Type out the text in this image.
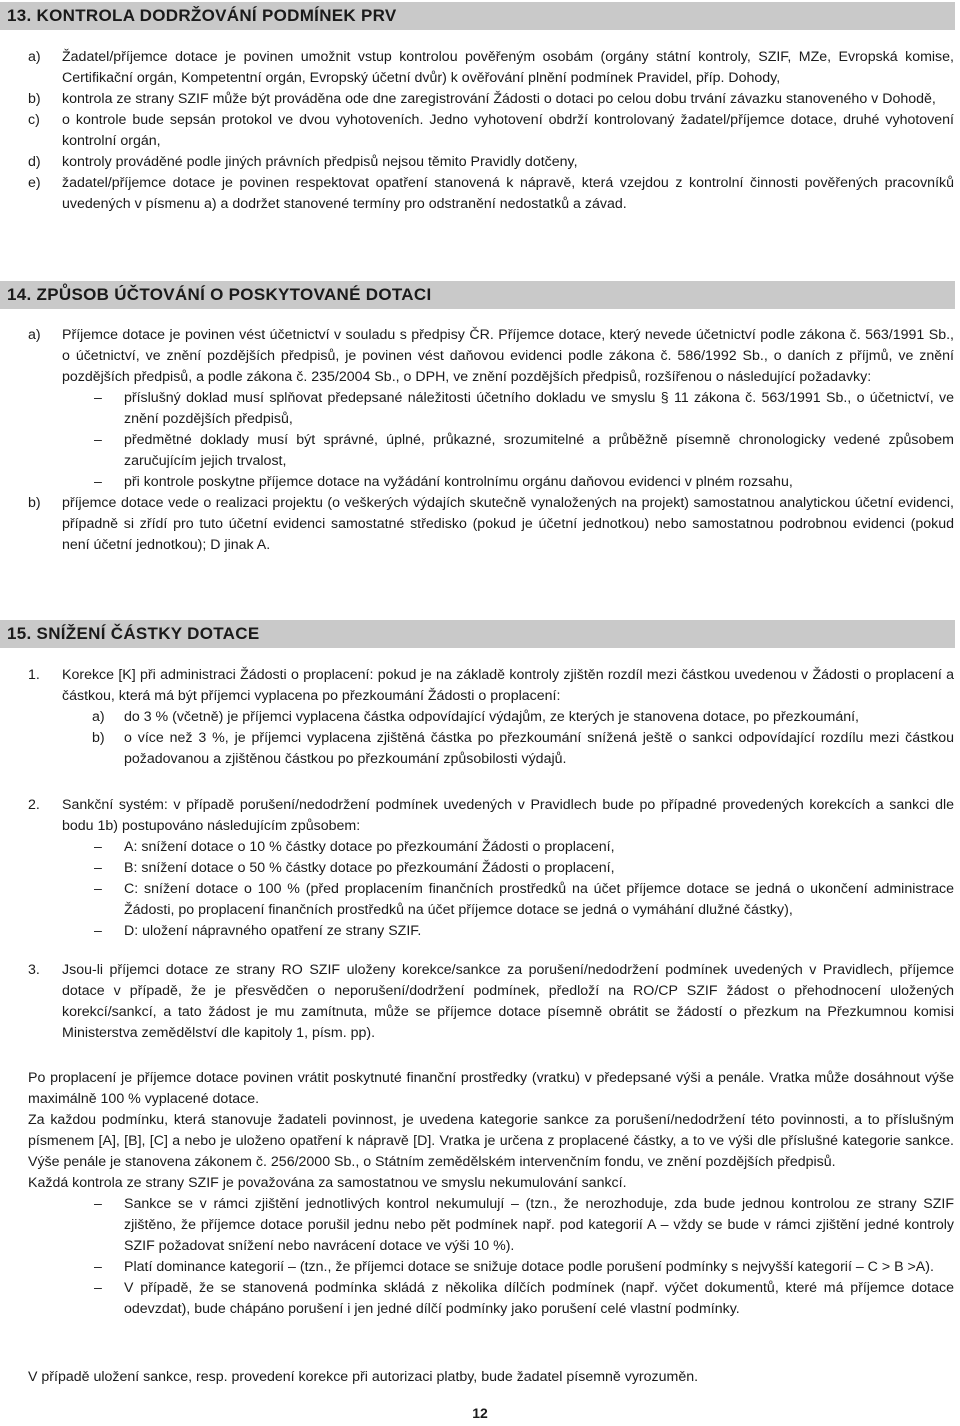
13. KONTROLA DODRŽOVÁNÍ PODMÍNEK PRV
a) Žadatel/příjemce dotace je povinen umožnit vstup kontrolou pověřeným osobám (orgány státní kontroly, SZIF, MZe, Evropská komise, Certifikační orgán, Kompetentní orgán, Evropský účetní dvůr) k ověřování plnění podmínek Pravidel, příp. Dohody,

b) kontrola ze strany SZIF může být prováděna ode dne zaregistrování Žádosti o dotaci po celou dobu trvání závazku stanoveného v Dohodě,

c) o kontrole bude sepsán protokol ve dvou vyhotoveních. Jedno vyhotovení obdrží kontrolovaný žadatel/příjemce dotace, druhé vyhotovení kontrolní orgán,

d) kontroly prováděné podle jiných právních předpisů nejsou těmito Pravidly dotčeny,

e) žadatel/příjemce dotace je povinen respektovat opatření stanovená k nápravě, která vzejdou z kontrolní činnosti pověřených pracovníků uvedených v písmenu a) a dodržet stanovené termíny pro odstranění nedostatků a závad.

14. ZPŮSOB ÚČTOVÁNÍ O POSKYTOVANÉ DOTACI
a) Příjemce dotace je povinen vést účetnictví v souladu s předpisy ČR. Příjemce dotace, který nevede účetnictví podle zákona č. 563/1991 Sb., o účetnictví, ve znění pozdějších předpisů, je povinen vést daňovou evidenci podle zákona č. 586/1992 Sb., o daních z příjmů, ve znění pozdějších předpisů, a podle zákona č. 235/2004 Sb., o DPH, ve znění pozdějších předpisů, rozšířenou o následující požadavky:

– příslušný doklad musí splňovat předepsané náležitosti účetního dokladu ve smyslu § 11 zákona č. 563/1991 Sb., o účetnictví, ve znění pozdějších předpisů,

– předmětné doklady musí být správné, úplné, průkazné, srozumitelné a průběžně písemně chronologicky vedené způsobem zaručujícím jejich trvalost,

– při kontrole poskytne příjemce dotace na vyžádání kontrolnímu orgánu daňovou evidenci v plném rozsahu,

b) příjemce dotace vede o realizaci projektu (o veškerých výdajích skutečně vynaložených na projekt) samostatnou analytickou účetní evidenci, případně si zřídí pro tuto účetní evidenci samostatné středisko (pokud je účetní jednotkou) nebo samostatnou podrobnou evidenci (pokud není účetní jednotkou); D jinak A.

15. SNÍŽENÍ ČÁSTKY DOTACE
1. Korekce [K] při administraci Žádosti o proplacení: pokud je na základě kontroly zjištěn rozdíl mezi částkou uvedenou v Žádosti o proplacení a částkou, která má být příjemci vyplacena po přezkoumání Žádosti o proplacení:

a) do 3 % (včetně) je příjemci vyplacena částka odpovídající výdajům, ze kterých je stanovena dotace, po přezkoumání,

b) o více než 3 %, je příjemci vyplacena zjištěná částka po přezkoumání snížená ještě o sankci odpovídající rozdílu mezi částkou požadovanou a zjištěnou částkou po přezkoumání způsobilosti výdajů.

2. Sankční systém: v případě porušení/nedodržení podmínek uvedených v Pravidlech bude po případné provedených korekcích a sankci dle bodu 1b) postupováno následujícím způsobem:

– A: snížení dotace o 10 % částky dotace po přezkoumání Žádosti o proplacení,

– B: snížení dotace o 50 % částky dotace po přezkoumání Žádosti o proplacení,

– C: snížení dotace o 100 % (před proplacením finančních prostředků na účet příjemce dotace se jedná o ukončení administrace Žádosti, po proplacení finančních prostředků na účet příjemce dotace se jedná o vymáhání dlužné částky),

– D: uložení nápravného opatření ze strany SZIF.

3. Jsou-li příjemci dotace ze strany RO SZIF uloženy korekce/sankce za porušení/nedodržení podmínek uvedených v Pravidlech, příjemce dotace v případě, že je přesvědčen o neporušení/dodržení podmínek, předloží na RO/CP SZIF žádost o přehodnocení uložených korekcí/sankcí, a tato žádost je mu zamítnuta, může se příjemce dotace písemně obrátit se žádostí o přezkum na Přezkumnou komisi Ministerstva zemědělství dle kapitoly 1, písm. pp).

Po proplacení je příjemce dotace povinen vrátit poskytnuté finanční prostředky (vratku) v předepsané výši a penále. Vratka může dosáhnout výše maximálně 100 % vyplacené dotace.

Za každou podmínku, která stanovuje žadateli povinnost, je uvedena kategorie sankce za porušení/nedodržení této povinnosti, a to příslušným písmenem [A], [B], [C] a nebo je uloženo opatření k nápravě [D]. Vratka je určena z proplacené částky, a to ve výši dle příslušné kategorie sankce. Výše penále je stanovena zákonem č. 256/2000 Sb., o Státním zemědělském intervenčním fondu, ve znění pozdějších předpisů.

Každá kontrola ze strany SZIF je považována za samostatnou ve smyslu nekumulování sankcí.

– Sankce se v rámci zjištění jednotlivých kontrol nekumulují – (tzn., že nerozhoduje, zda bude jednou kontrolou ze strany SZIF zjištěno, že příjemce dotace porušil jednu nebo pět podmínek např. pod kategorií A – vždy se bude v rámci zjištění jedné kontroly SZIF požadovat snížení nebo navrácení dotace ve výši 10 %).

– Platí dominance kategorií – (tzn., že příjemci dotace se snižuje dotace podle porušení podmínky s nejvyšší kategorií – C > B >A).

– V případě, že se stanovená podmínka skládá z několika dílčích podmínek (např. výčet dokumentů, které má příjemce dotace odevzdat), bude chápáno porušení i jen jedné dílčí podmínky jako porušení celé vlastní podmínky.

V případě uložení sankce, resp. provedení korekce při autorizaci platby, bude žadatel písemně vyrozuměn.

12
